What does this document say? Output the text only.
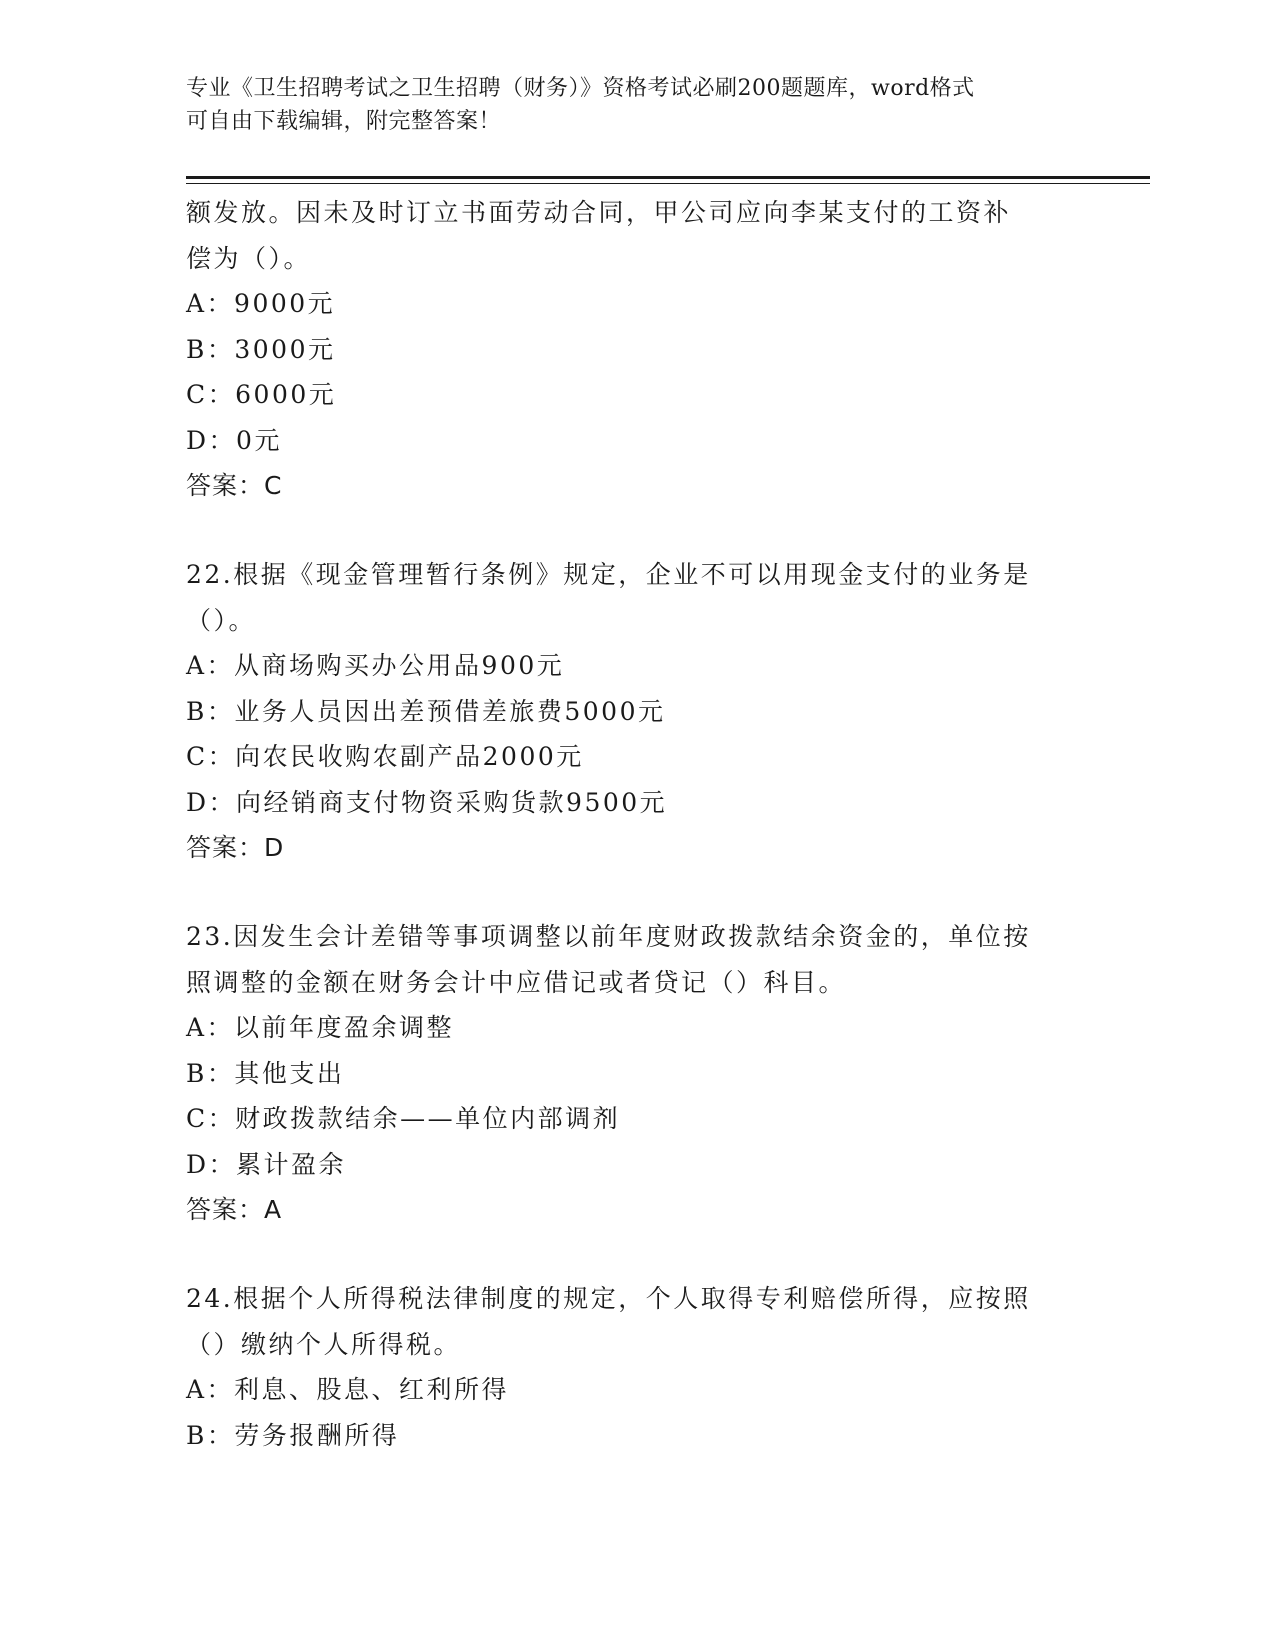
专业《卫生招聘考试之卫生招聘（财务）》资格考试必刷200题题库，word格式
可自由下载编辑，附完整答案！
额发放。因未及时订立书面劳动合同，甲公司应向李某支付的工资补
偿为（）。
A：9000元
B：3000元
C：6000元
D：0元
答案：C
22.根据《现金管理暂行条例》规定，企业不可以用现金支付的业务是
（）。
A：从商场购买办公用品900元
B：业务人员因出差预借差旅费5000元
C：向农民收购农副产品2000元
D：向经销商支付物资采购货款9500元
答案：D
23.因发生会计差错等事项调整以前年度财政拨款结余资金的，单位按
照调整的金额在财务会计中应借记或者贷记（）科目。
A：以前年度盈余调整
B：其他支出
C：财政拨款结余——单位内部调剂
D：累计盈余
答案：A
24.根据个人所得税法律制度的规定，个人取得专利赔偿所得，应按照
（）缴纳个人所得税。
A：利息、股息、红利所得
B：劳务报酬所得
